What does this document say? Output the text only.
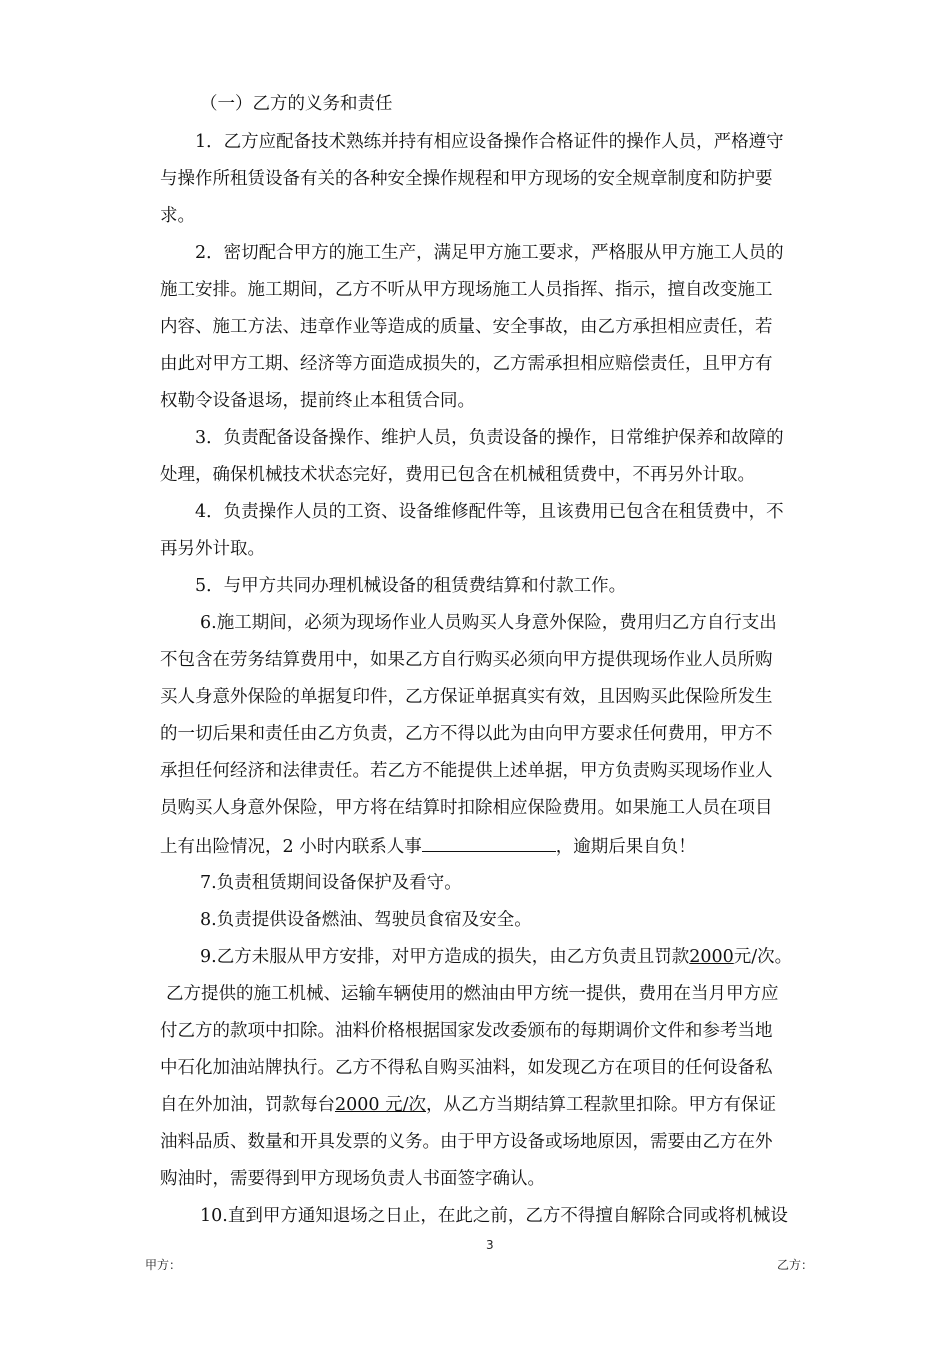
（一）乙方的义务和责任
1．乙方应配备技术熟练并持有相应设备操作合格证件的操作人员，严格遵守
与操作所租赁设备有关的各种安全操作规程和甲方现场的安全规章制度和防护要
求。
2．密切配合甲方的施工生产，满足甲方施工要求，严格服从甲方施工人员的
施工安排。施工期间，乙方不听从甲方现场施工人员指挥、指示，擅自改变施工
内容、施工方法、违章作业等造成的质量、安全事故，由乙方承担相应责任，若
由此对甲方工期、经济等方面造成损失的，乙方需承担相应赔偿责任，且甲方有
权勒令设备退场，提前终止本租赁合同。
3．负责配备设备操作、维护人员，负责设备的操作，日常维护保养和故障的
处理，确保机械技术状态完好，费用已包含在机械租赁费中，不再另外计取。
4．负责操作人员的工资、设备维修配件等，且该费用已包含在租赁费中，不
再另外计取。
5．与甲方共同办理机械设备的租赁费结算和付款工作。
6.施工期间，必须为现场作业人员购买人身意外保险，费用归乙方自行支出
不包含在劳务结算费用中，如果乙方自行购买必须向甲方提供现场作业人员所购
买人身意外保险的单据复印件，乙方保证单据真实有效，且因购买此保险所发生
的一切后果和责任由乙方负责，乙方不得以此为由向甲方要求任何费用，甲方不
承担任何经济和法律责任。若乙方不能提供上述单据，甲方负责购买现场作业人
员购买人身意外保险，甲方将在结算时扣除相应保险费用。如果施工人员在项目
上有出险情况，2 小时内联系人事	，逾期后果自负！
7.负责租赁期间设备保护及看守。
8.负责提供设备燃油、驾驶员食宿及安全。
9.乙方未服从甲方安排，对甲方造成的损失，由乙方负责且罚款2000元/次。
乙方提供的施工机械、运输车辆使用的燃油由甲方统一提供，费用在当月甲方应
付乙方的款项中扣除。油料价格根据国家发改委颁布的每期调价文件和参考当地
中石化加油站牌执行。乙方不得私自购买油料，如发现乙方在项目的任何设备私
自在外加油，罚款每台2000 元/次，从乙方当期结算工程款里扣除。甲方有保证
油料品质、数量和开具发票的义务。由于甲方设备或场地原因，需要由乙方在外
购油时，需要得到甲方现场负责人书面签字确认。
10.直到甲方通知退场之日止，在此之前，乙方不得擅自解除合同或将机械设
3
甲方：	乙方：
